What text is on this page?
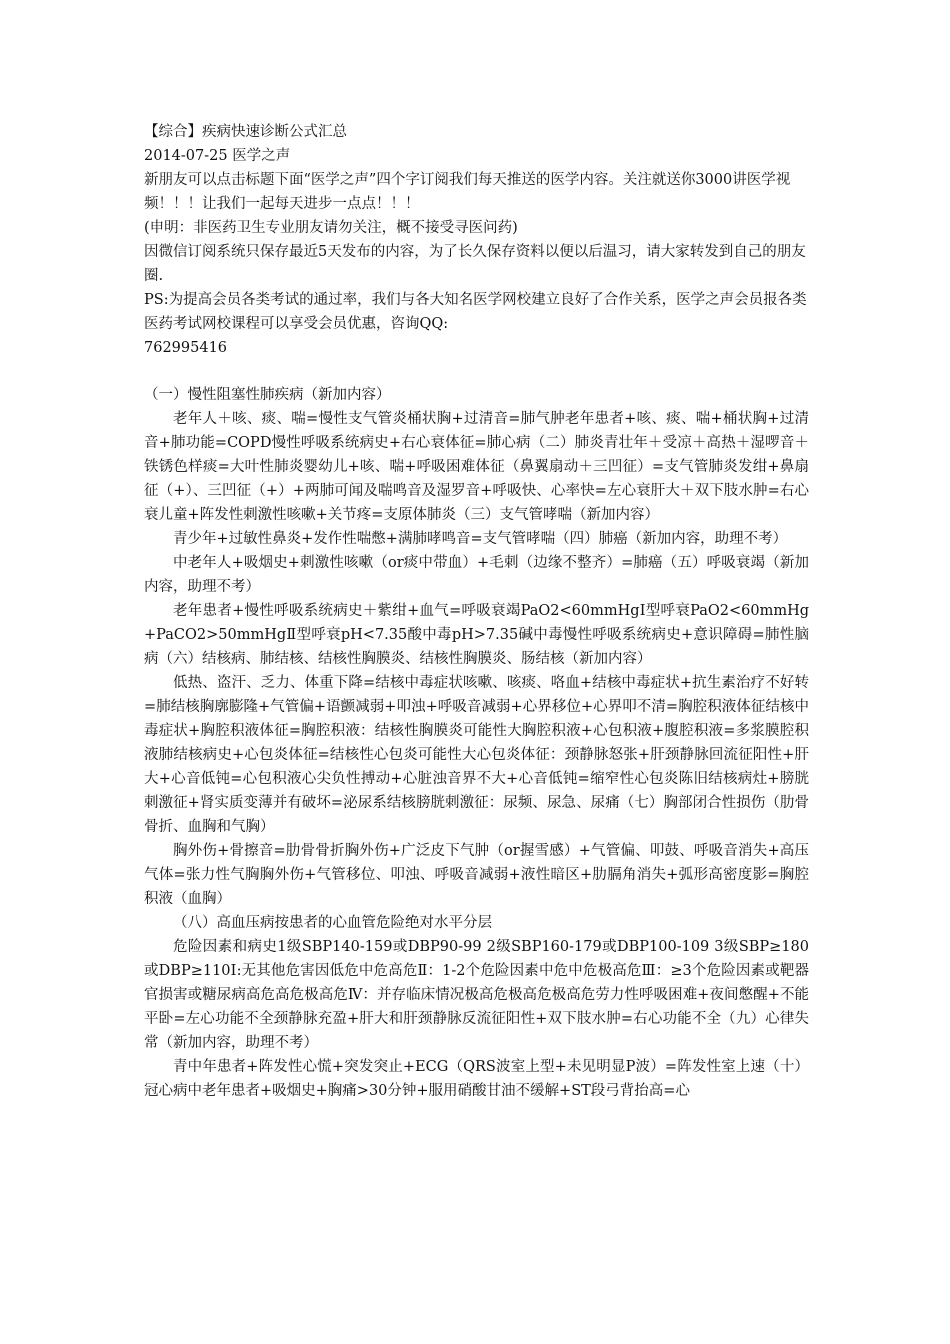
【综合】疾病快速诊断公式汇总

2014-07-25 医学之声

新朋友可以点击标题下面“医学之声”四个字订阅我们每天推送的医学内容。关注就送你3000讲医学视频！！！让我们一起每天进步一点点！！！

(申明：非医药卫生专业朋友请勿关注，概不接受寻医问药)

因微信订阅系统只保存最近5天发布的内容，为了长久保存资料以便以后温习，请大家转发到自己的朋友圈.

PS:为提高会员各类考试的通过率，我们与各大知名医学网校建立良好了合作关系，医学之声会员报各类医药考试网校课程可以享受会员优惠，咨询QQ:

762995416

（一）慢性阻塞性肺疾病（新加内容）

老年人＋咳、痰、喘=慢性支气管炎桶状胸+过清音=肺气肿老年患者+咳、痰、喘+桶状胸+过清音+肺功能=COPD慢性呼吸系统病史+右心衰体征=肺心病（二）肺炎青壮年＋受凉＋高热＋湿啰音＋铁锈色样痰=大叶性肺炎婴幼儿+咳、喘+呼吸困难体征（鼻翼扇动＋三凹征）=支气管肺炎发绀+鼻扇征（+）、三凹征（+）+两肺可闻及喘鸣音及湿罗音+呼吸快、心率快=左心衰肝大＋双下肢水肿=右心衰儿童+阵发性刺激性咳嗽+关节疼=支原体肺炎（三）支气管哮喘（新加内容）

青少年+过敏性鼻炎+发作性喘憋+满肺哮鸣音=支气管哮喘（四）肺癌（新加内容，助理不考）

中老年人+吸烟史+刺激性咳嗽（or痰中带血）+毛刺（边缘不整齐）=肺癌（五）呼吸衰竭（新加内容，助理不考）

老年患者+慢性呼吸系统病史＋紫绀+血气=呼吸衰竭PaO2<60mmHgⅠ型呼衰PaO2<60mmHg+PaCO2>50mmHgⅡ型呼衰pH<7.35酸中毒pH>7.35碱中毒慢性呼吸系统病史+意识障碍=肺性脑病（六）结核病、肺结核、结核性胸膜炎、结核性胸膜炎、肠结核（新加内容）

低热、盗汗、乏力、体重下降=结核中毒症状咳嗽、咳痰、咯血+结核中毒症状+抗生素治疗不好转=肺结核胸廓膨隆+气管偏+语颤减弱+叩浊+呼吸音减弱+心界移位+心界叩不清=胸腔积液体征结核中毒症状+胸腔积液体征=胸腔积液：结核性胸膜炎可能性大胸腔积液+心包积液+腹腔积液=多浆膜腔积液肺结核病史+心包炎体征=结核性心包炎可能性大心包炎体征：颈静脉怒张+肝颈静脉回流征阳性+肝大+心音低钝=心包积液心尖负性搏动+心脏浊音界不大+心音低钝=缩窄性心包炎陈旧结核病灶+膀胱刺激征+肾实质变薄并有破坏=泌尿系结核膀胱刺激征：尿频、尿急、尿痛（七）胸部闭合性损伤（肋骨骨折、血胸和气胸）

胸外伤+骨擦音=肋骨骨折胸外伤+广泛皮下气肿（or握雪感）+气管偏、叩鼓、呼吸音消失+高压气体=张力性气胸胸外伤+气管移位、叩浊、呼吸音减弱+液性暗区+肋膈角消失+弧形高密度影=胸腔积液（血胸）

（八）高血压病按患者的心血管危险绝对水平分层

危险因素和病史1级SBP140-159或DBP90-99 2级SBP160-179或DBP100-109 3级SBP≥180或DBP≥110Ⅰ:无其他危害因低危中危高危Ⅱ：1-2个危险因素中危中危极高危Ⅲ：≥3个危险因素或靶器官损害或糖尿病高危高危极高危Ⅳ：并存临床情况极高危极高危极高危劳力性呼吸困难+夜间憋醒+不能平卧=左心功能不全颈静脉充盈+肝大和肝颈静脉反流征阳性+双下肢水肿=右心功能不全（九）心律失常（新加内容，助理不考）

青中年患者+阵发性心慌+突发突止+ECG（QRS波室上型+未见明显P波）=阵发性室上速（十）冠心病中老年患者+吸烟史+胸痛>30分钟+服用硝酸甘油不缓解+ST段弓背抬高=心
